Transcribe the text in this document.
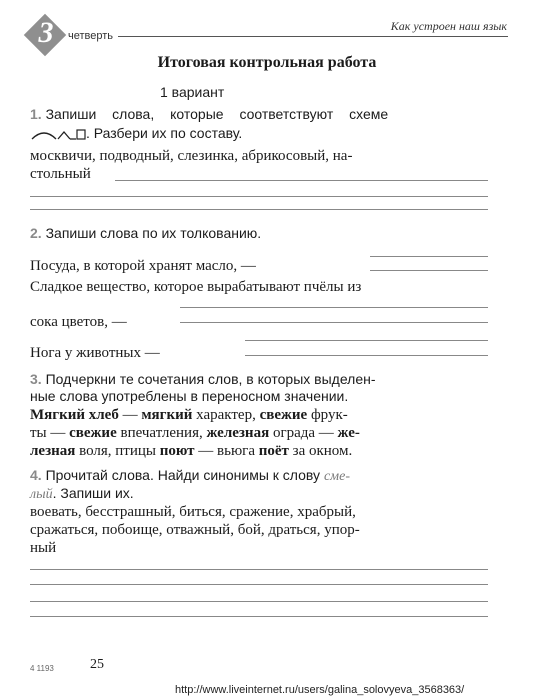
3 четверть
Как устроен наш язык
Итоговая контрольная работа
1 вариант
1. Запиши слова, которые соответствуют схеме
. Разбери их по составу.
москвичи, подводный, слезинка, абрикосовый, на-
стольный
2. Запиши слова по их толкованию.
Посуда, в которой хранят масло, —
Сладкое вещество, которое вырабатывают пчёлы из
сока цветов, —
Нога у животных —
3. Подчеркни те сочетания слов, в которых выделен-
ные слова употреблены в переносном значении.
Мягкий хлеб — мягкий характер, свежие фрук-
ты — свежие впечатления, железная ограда — же-
лезная воля, птицы поют — вьюга поёт за окном.
4. Прочитай слова. Найди синонимы к слову сме-
лый. Запиши их.
воевать, бесстрашный, биться, сражение, храбрый,
сражаться, побоище, отважный, бой, драться, упор-
ный
4 1193	25
http://www.liveinternet.ru/users/galina_solovyeva_3568363/
